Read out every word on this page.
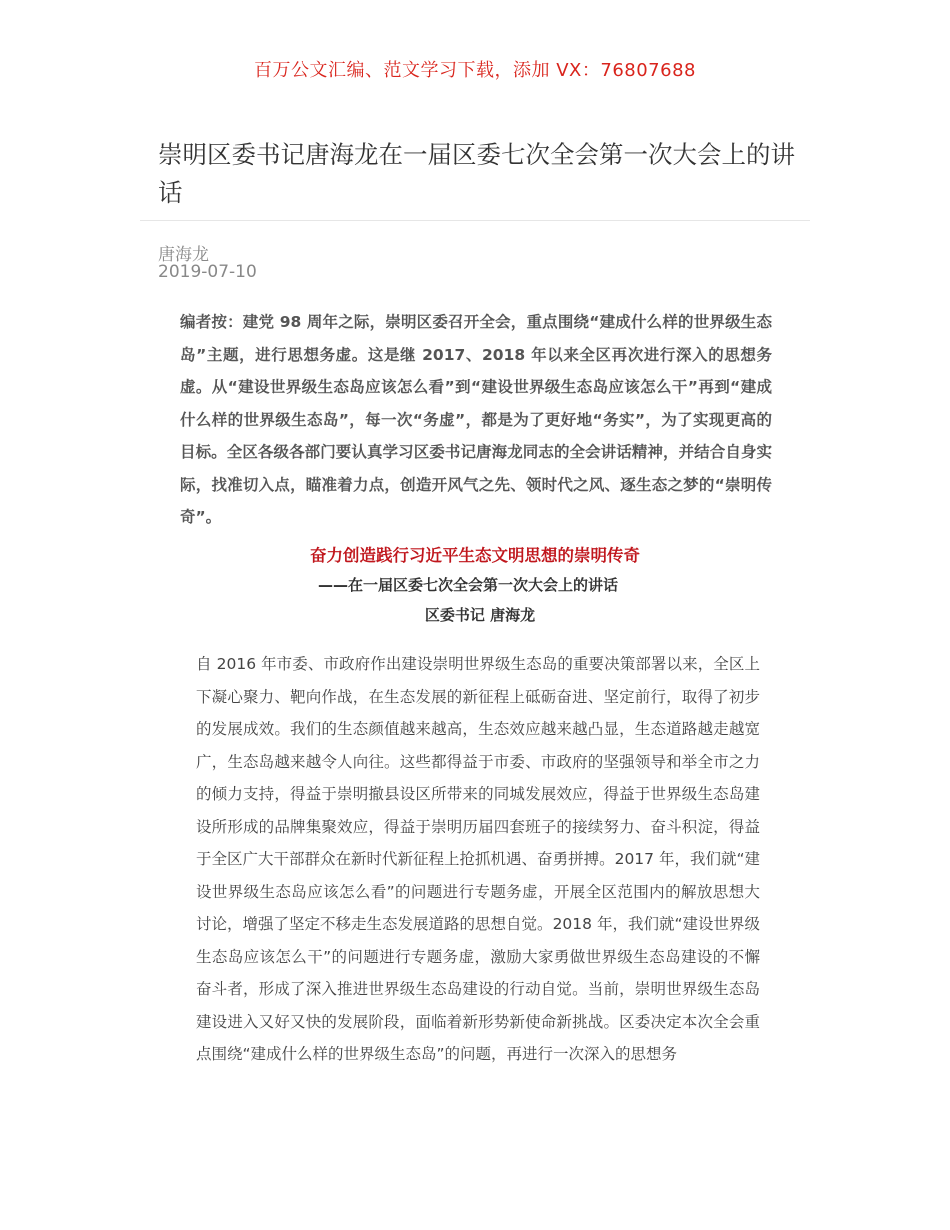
百万公文汇编、范文学习下载，添加 VX：76807688
崇明区委书记唐海龙在一届区委七次全会第一次大会上的讲话
唐海龙
2019-07-10
编者按：建党 98 周年之际，崇明区委召开全会，重点围绕“建成什么样的世界级生态岛”主题，进行思想务虚。这是继 2017、2018 年以来全区再次进行深入的思想务虚。从“建设世界级生态岛应该怎么看”到“建设世界级生态岛应该怎么干”再到“建成什么样的世界级生态岛”，每一次“务虚”，都是为了更好地“务实”，为了实现更高的目标。全区各级各部门要认真学习区委书记唐海龙同志的全会讲话精神，并结合自身实际，找准切入点，瞄准着力点，创造开风气之先、领时代之风、逐生态之梦的“崇明传奇”。
奋力创造践行习近平生态文明思想的崇明传奇
——在一届区委七次全会第一次大会上的讲话
区委书记 唐海龙
自 2016 年市委、市政府作出建设崇明世界级生态岛的重要决策部署以来，全区上下凝心聚力、靶向作战，在生态发展的新征程上砥砺奋进、坚定前行，取得了初步的发展成效。我们的生态颜值越来越高，生态效应越来越凸显，生态道路越走越宽广，生态岛越来越令人向往。这些都得益于市委、市政府的坚强领导和举全市之力的倾力支持，得益于崇明撤县设区所带来的同城发展效应，得益于世界级生态岛建设所形成的品牌集聚效应，得益于崇明历届四套班子的接续努力、奋斗积淀，得益于全区广大干部群众在新时代新征程上抢抓机遇、奋勇拼搏。2017 年，我们就“建设世界级生态岛应该怎么看”的问题进行专题务虚，开展全区范围内的解放思想大讨论，增强了坚定不移走生态发展道路的思想自觉。2018 年，我们就“建设世界级生态岛应该怎么干”的问题进行专题务虚，激励大家勇做世界级生态岛建设的不懈奋斗者，形成了深入推进世界级生态岛建设的行动自觉。当前，崇明世界级生态岛建设进入又好又快的发展阶段，面临着新形势新使命新挑战。区委决定本次全会重点围绕“建成什么样的世界级生态岛”的问题，再进行一次深入的思想务
